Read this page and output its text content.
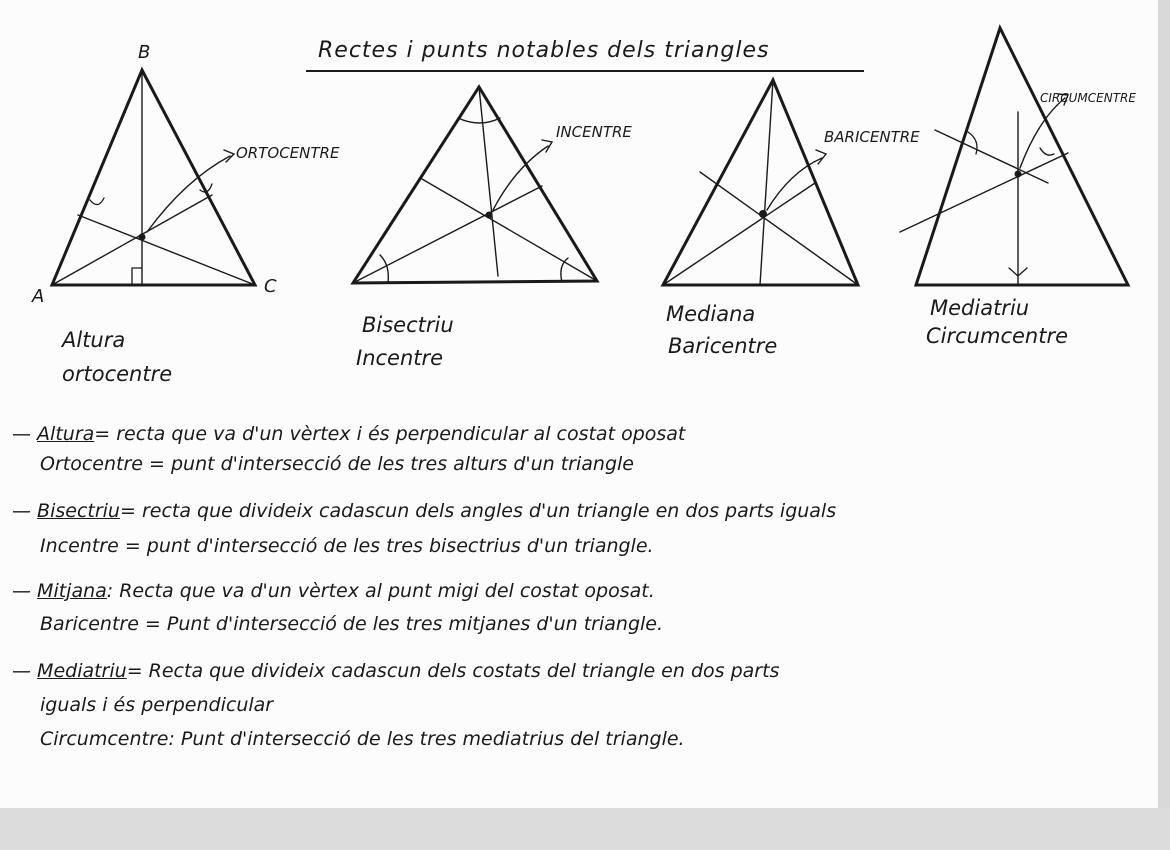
A
B
C
ORTOCENTRE
INCENTRE	BARICENTRE
CIRCUMCENTRE
Rectes i punts notables dels triangles
Altura
ortocentre
Bisectriu
Incentre
Mediana
Baricentre
Mediatriu
Circumcentre
— Altura= recta que va d'un vèrtex i és perpendicular al costat oposat
Ortocentre = punt d'intersecció de les tres alturs d'un triangle
— Bisectriu= recta que divideix cadascun dels angles d'un triangle en dos parts iguals
Incentre = punt d'intersecció de les tres bisectrius d'un triangle.
— Mitjana: Recta que va d'un vèrtex al punt migi del costat oposat.
Baricentre = Punt d'intersecció de les tres mitjanes d'un triangle.
— Mediatriu= Recta que divideix cadascun dels costats del triangle en dos parts
iguals i és perpendicular
Circumcentre: Punt d'intersecció de les tres mediatrius del triangle.
